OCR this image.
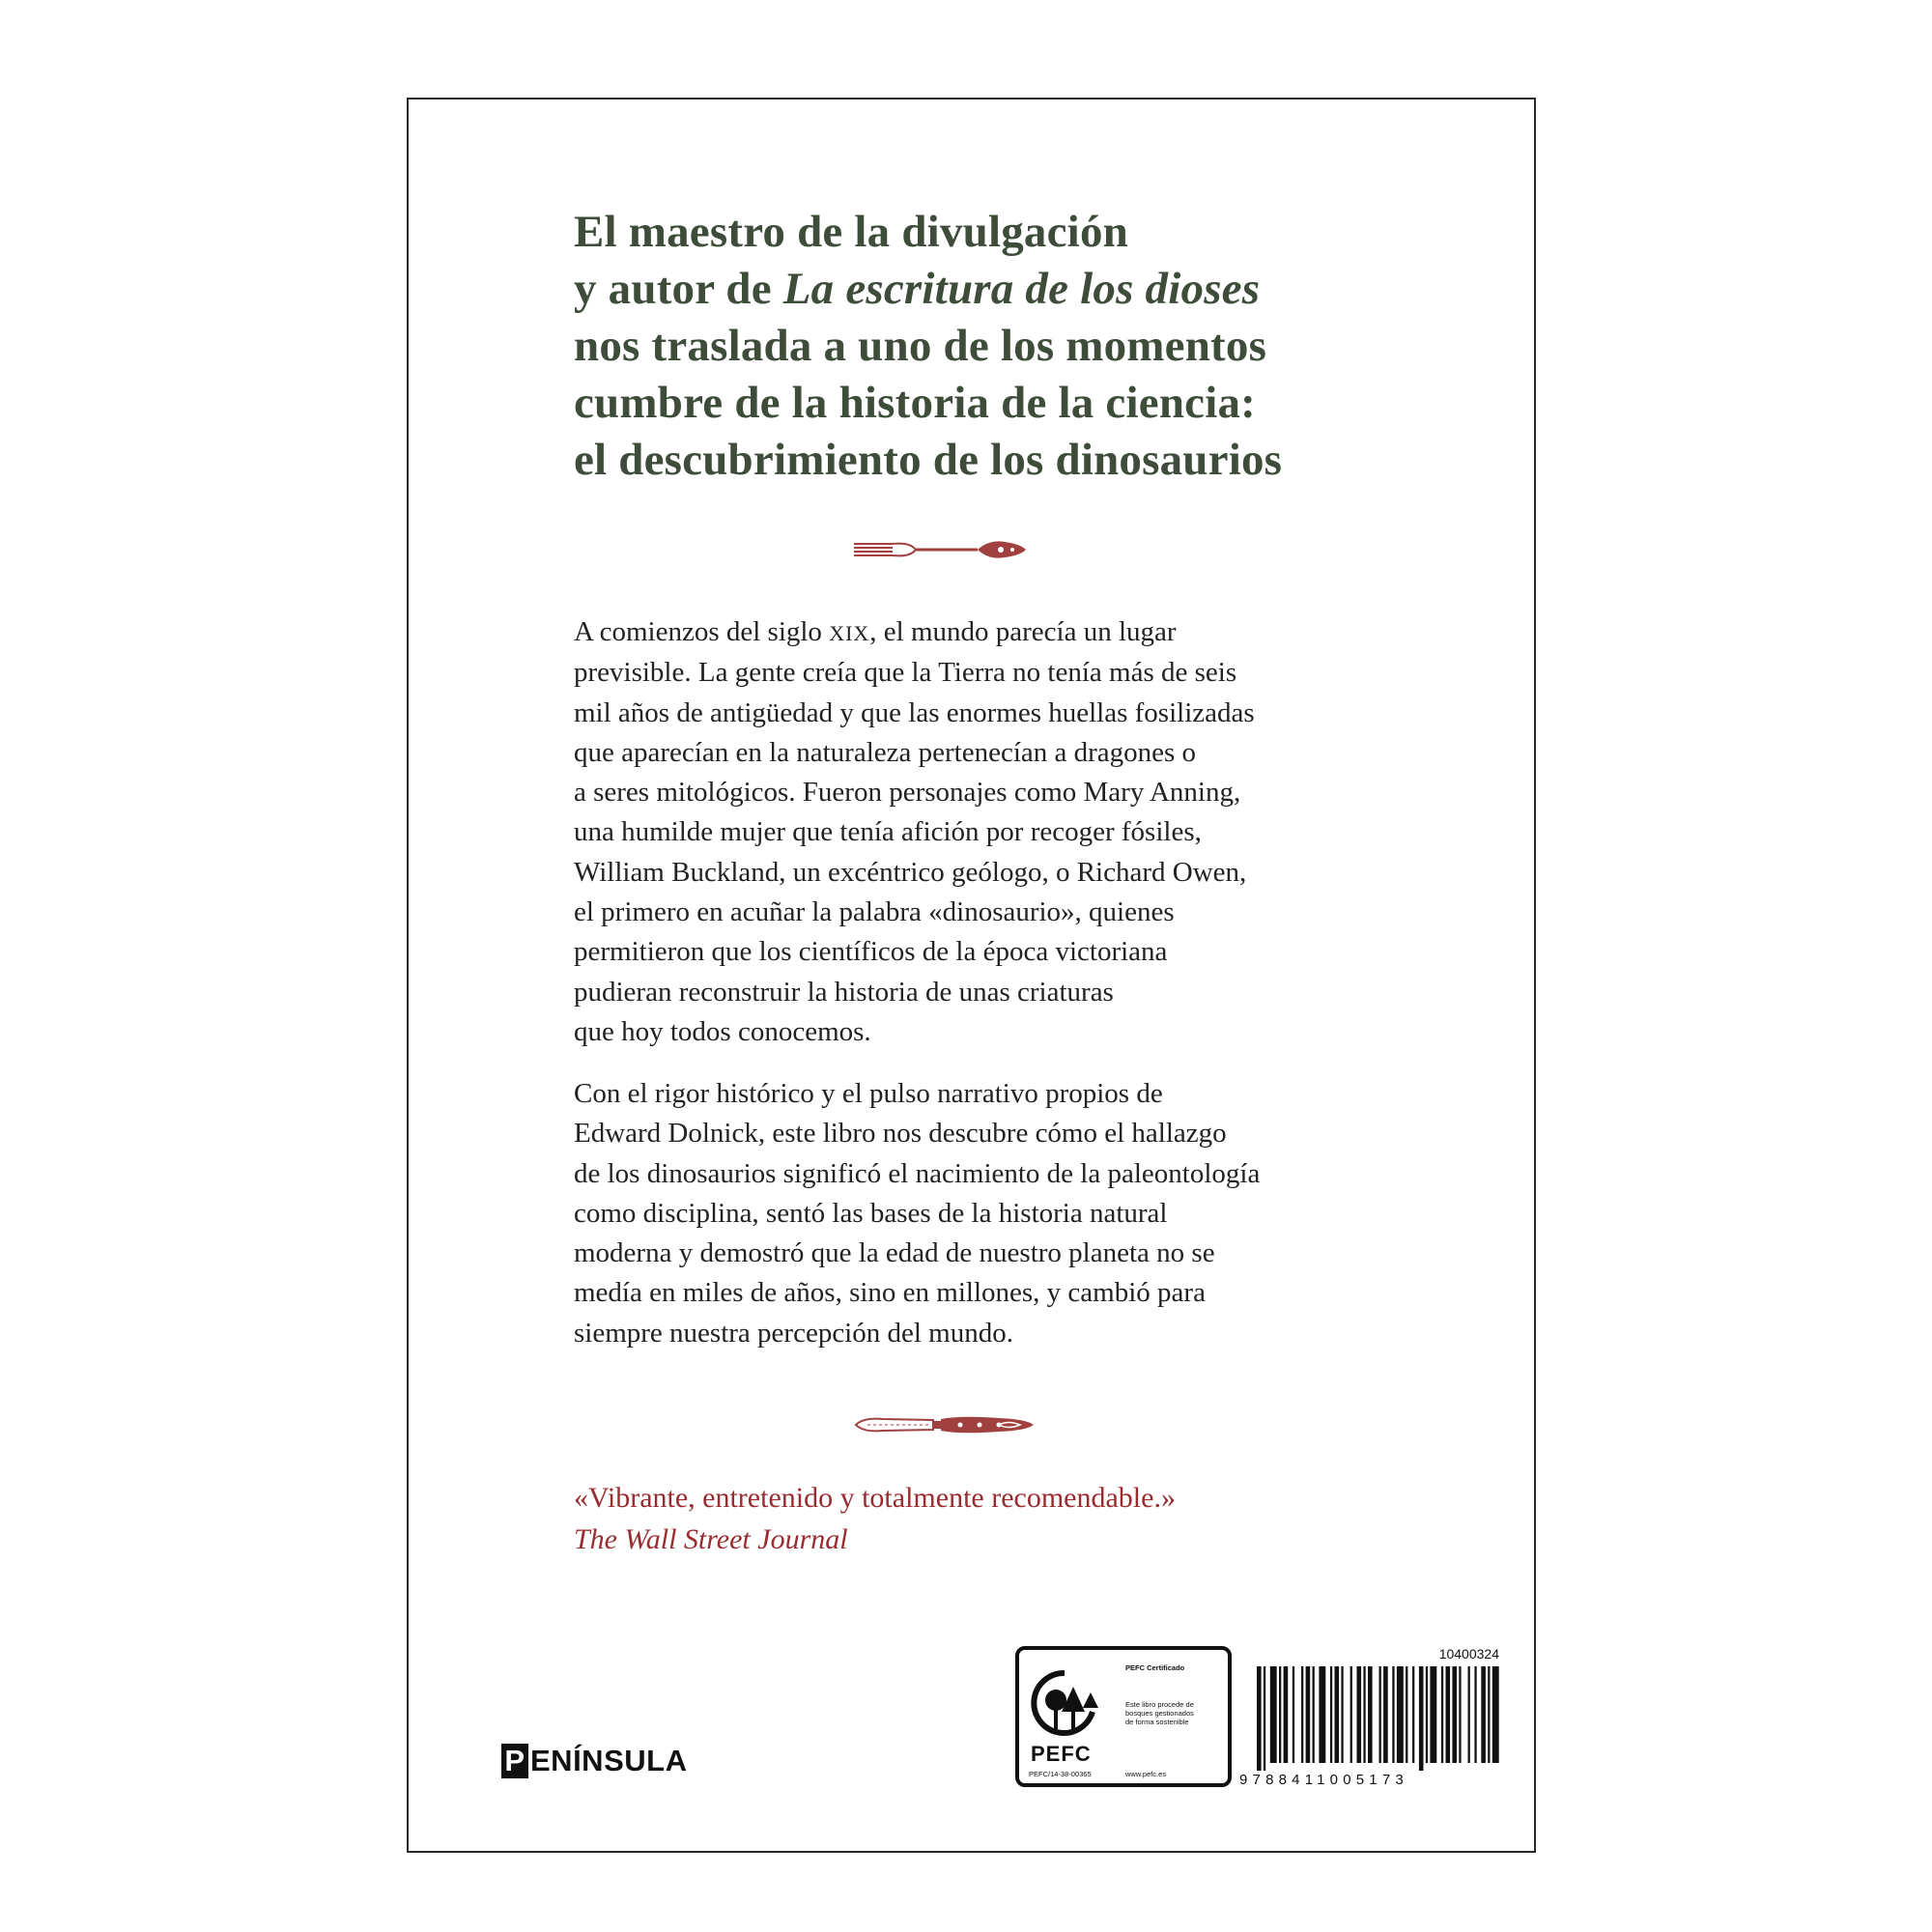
El maestro de la divulgación
y autor de La escritura de los dioses
nos traslada a uno de los momentos
cumbre de la historia de la ciencia:
el descubrimiento de los dinosaurios
A comienzos del siglo XIX, el mundo parecía un lugar
previsible. La gente creía que la Tierra no tenía más de seis
mil años de antigüedad y que las enormes huellas fosilizadas
que aparecían en la naturaleza pertenecían a dragones o
a seres mitológicos. Fueron personajes como Mary Anning,
una humilde mujer que tenía afición por recoger fósiles,
William Buckland, un excéntrico geólogo, o Richard Owen,
el primero en acuñar la palabra «dinosaurio», quienes
permitieron que los científicos de la época victoriana
pudieran reconstruir la historia de unas criaturas
que hoy todos conocemos.
Con el rigor histórico y el pulso narrativo propios de
Edward Dolnick, este libro nos descubre cómo el hallazgo
de los dinosaurios significó el nacimiento de la paleontología
como disciplina, sentó las bases de la historia natural
moderna y demostró que la edad de nuestro planeta no se
medía en miles de años, sino en millones, y cambió para
siempre nuestra percepción del mundo.
«Vibrante, entretenido y totalmente recomendable.»
The Wall Street Journal
P ENÍNSULA	PEFC
PEFC/14-38-00365
PEFC Certificado
Este libro procede de
bosques gestionados
de forma sostenible
www.pefc.es
10400324
9788411005173
